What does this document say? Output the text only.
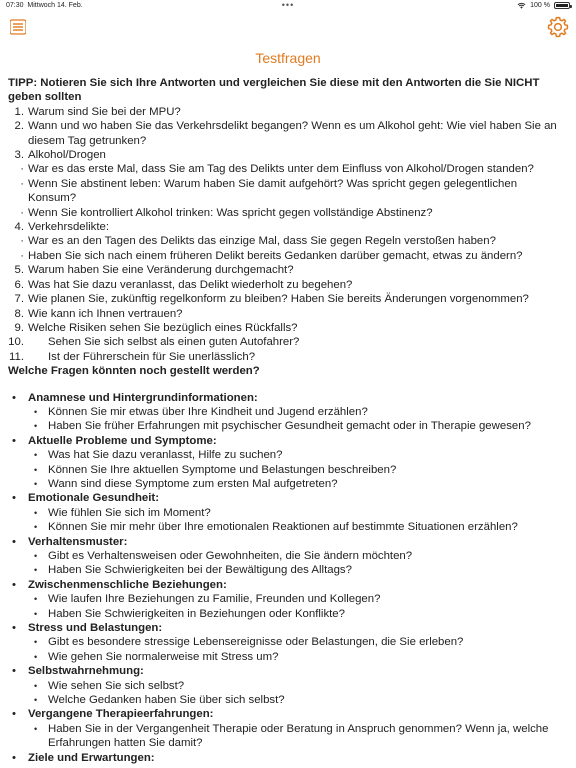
07:30 Mittwoch 14. Feb.	•••	100 %
Testfragen
TIPP: Notieren Sie sich Ihre Antworten und vergleichen Sie diese mit den Antworten die Sie NICHT geben sollten
1. Warum sind Sie bei der MPU?
2. Wann und wo haben Sie das Verkehrsdelikt begangen? Wenn es um Alkohol geht: Wie viel haben Sie an diesem Tag getrunken?
3. Alkohol/Drogen
· War es das erste Mal, dass Sie am Tag des Delikts unter dem Einfluss von Alkohol/Drogen standen?
· Wenn Sie abstinent leben: Warum haben Sie damit aufgehört? Was spricht gegen gelegentlichen Konsum?
· Wenn Sie kontrolliert Alkohol trinken: Was spricht gegen vollständige Abstinenz?
4. Verkehrsdelikte:
· War es an den Tagen des Delikts das einzige Mal, dass Sie gegen Regeln verstoßen haben?
· Haben Sie sich nach einem früheren Delikt bereits Gedanken darüber gemacht, etwas zu ändern?
5. Warum haben Sie eine Veränderung durchgemacht?
6. Was hat Sie dazu veranlasst, das Delikt wiederholt zu begehen?
7. Wie planen Sie, zukünftig regelkonform zu bleiben? Haben Sie bereits Änderungen vorgenommen?
8. Wie kann ich Ihnen vertrauen?
9. Welche Risiken sehen Sie bezüglich eines Rückfalls?
10. Sehen Sie sich selbst als einen guten Autofahrer?
11. Ist der Führerschein für Sie unerlässlich?
Welche Fragen könnten noch gestellt werden?
• Anamnese und Hintergrundinformationen:
• Können Sie mir etwas über Ihre Kindheit und Jugend erzählen?
• Haben Sie früher Erfahrungen mit psychischer Gesundheit gemacht oder in Therapie gewesen?
• Aktuelle Probleme und Symptome:
• Was hat Sie dazu veranlasst, Hilfe zu suchen?
• Können Sie Ihre aktuellen Symptome und Belastungen beschreiben?
• Wann sind diese Symptome zum ersten Mal aufgetreten?
• Emotionale Gesundheit:
• Wie fühlen Sie sich im Moment?
• Können Sie mir mehr über Ihre emotionalen Reaktionen auf bestimmte Situationen erzählen?
• Verhaltensmuster:
• Gibt es Verhaltensweisen oder Gewohnheiten, die Sie ändern möchten?
• Haben Sie Schwierigkeiten bei der Bewältigung des Alltags?
• Zwischenmenschliche Beziehungen:
• Wie laufen Ihre Beziehungen zu Familie, Freunden und Kollegen?
• Haben Sie Schwierigkeiten in Beziehungen oder Konflikte?
• Stress und Belastungen:
• Gibt es besondere stressige Lebensereignisse oder Belastungen, die Sie erleben?
• Wie gehen Sie normalerweise mit Stress um?
• Selbstwahrnehmung:
• Wie sehen Sie sich selbst?
• Welche Gedanken haben Sie über sich selbst?
• Vergangene Therapieerfahrungen:
• Haben Sie in der Vergangenheit Therapie oder Beratung in Anspruch genommen? Wenn ja, welche Erfahrungen hatten Sie damit?
• Ziele und Erwartungen:
